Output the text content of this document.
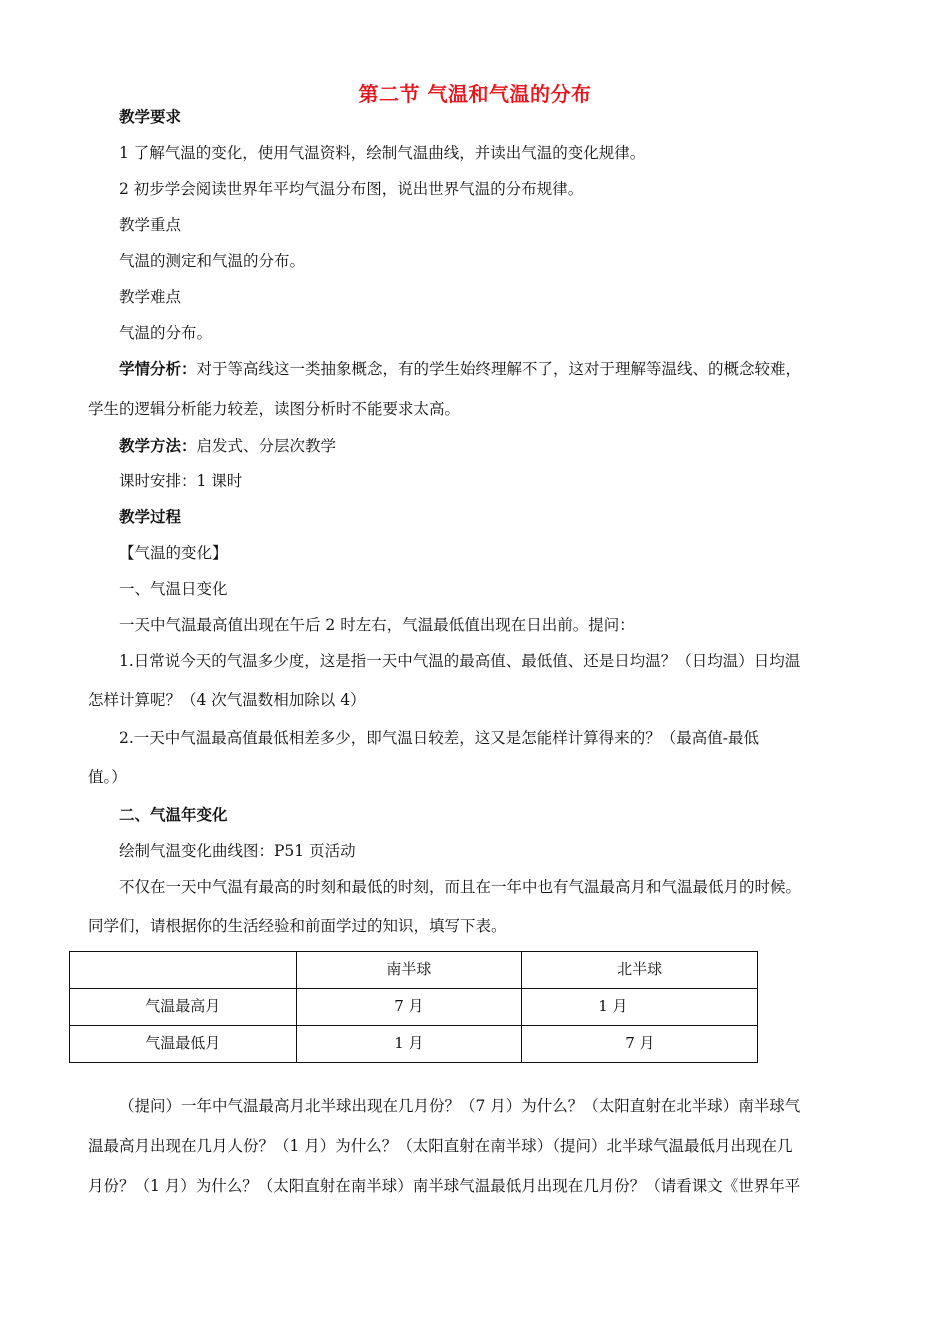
第二节 气温和气温的分布
教学要求
1 了解气温的变化，使用气温资料，绘制气温曲线，并读出气温的变化规律。
2 初步学会阅读世界年平均气温分布图，说出世界气温的分布规律。
教学重点
气温的测定和气温的分布。
教学难点
气温的分布。
学情分析：对于等高线这一类抽象概念，有的学生始终理解不了，这对于理解等温线、的概念较难，
学生的逻辑分析能力较差，读图分析时不能要求太高。
教学方法：启发式、分层次教学
课时安排：1 课时
教学过程
【气温的变化】
一、气温日变化
一天中气温最高值出现在午后 2 时左右，气温最低值出现在日出前。提问：
1.日常说今天的气温多少度，这是指一天中气温的最高值、最低值、还是日均温？（日均温）日均温
怎样计算呢？（4 次气温数相加除以 4）
2.一天中气温最高值最低相差多少，即气温日较差，这又是怎能样计算得来的？（最高值-最低
值。）
二、气温年变化
绘制气温变化曲线图：P51 页活动
不仅在一天中气温有最高的时刻和最低的时刻，而且在一年中也有气温最高月和气温最低月的时候。
同学们，请根据你的生活经验和前面学过的知识，填写下表。
	南半球	北半球
气温最高月	7 月	1 月
气温最低月	1 月	7 月
（提问）一年中气温最高月北半球出现在几月份？（7 月）为什么？（太阳直射在北半球）南半球气
温最高月出现在几月人份？（1 月）为什么？（太阳直射在南半球）（提问）北半球气温最低月出现在几
月份？（1 月）为什么？（太阳直射在南半球）南半球气温最低月出现在几月份？（请看课文《世界年平
